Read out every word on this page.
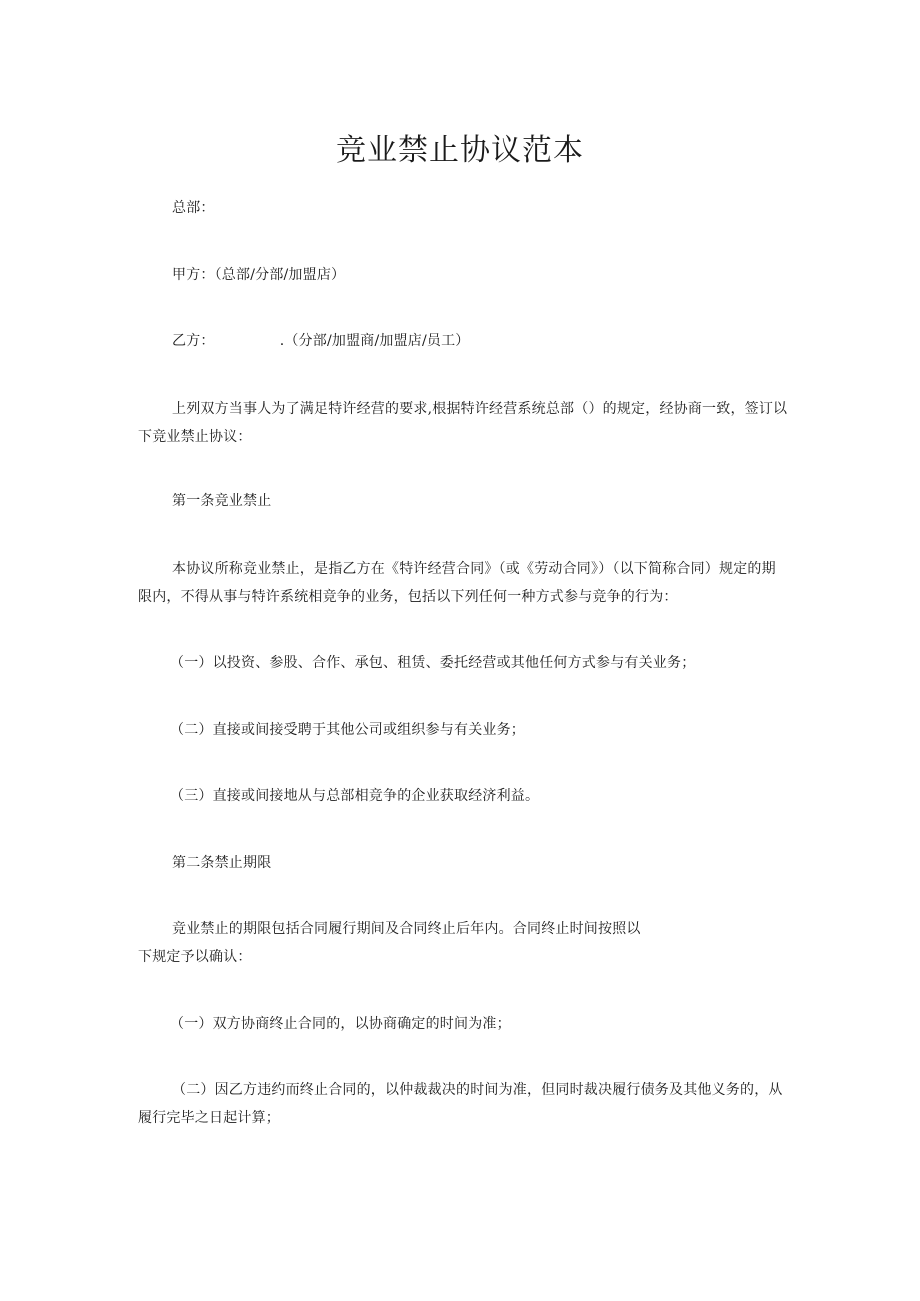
竞业禁止协议范本
总部：
甲方：（总部/分部/加盟店）
乙方：              .（分部/加盟商/加盟店/员工）
上列双方当事人为了满足特许经营的要求,根据特许经营系统总部（）的规定，经协商一致，签订以下竞业禁止协议：
第一条竞业禁止
本协议所称竞业禁止，是指乙方在《特许经营合同》（或《劳动合同》）（以下简称合同）规定的期限内，不得从事与特许系统相竞争的业务，包括以下列任何一种方式参与竞争的行为：
（一）以投资、参股、合作、承包、租赁、委托经营或其他任何方式参与有关业务；
（二）直接或间接受聘于其他公司或组织参与有关业务；
（三）直接或间接地从与总部相竞争的企业获取经济利益。
第二条禁止期限
竞业禁止的期限包括合同履行期间及合同终止后年内。合同终止时间按照以
下规定予以确认：
（一）双方协商终止合同的，以协商确定的时间为准；
（二）因乙方违约而终止合同的，以仲裁裁决的时间为准，但同时裁决履行债务及其他义务的，从履行完毕之日起计算；
